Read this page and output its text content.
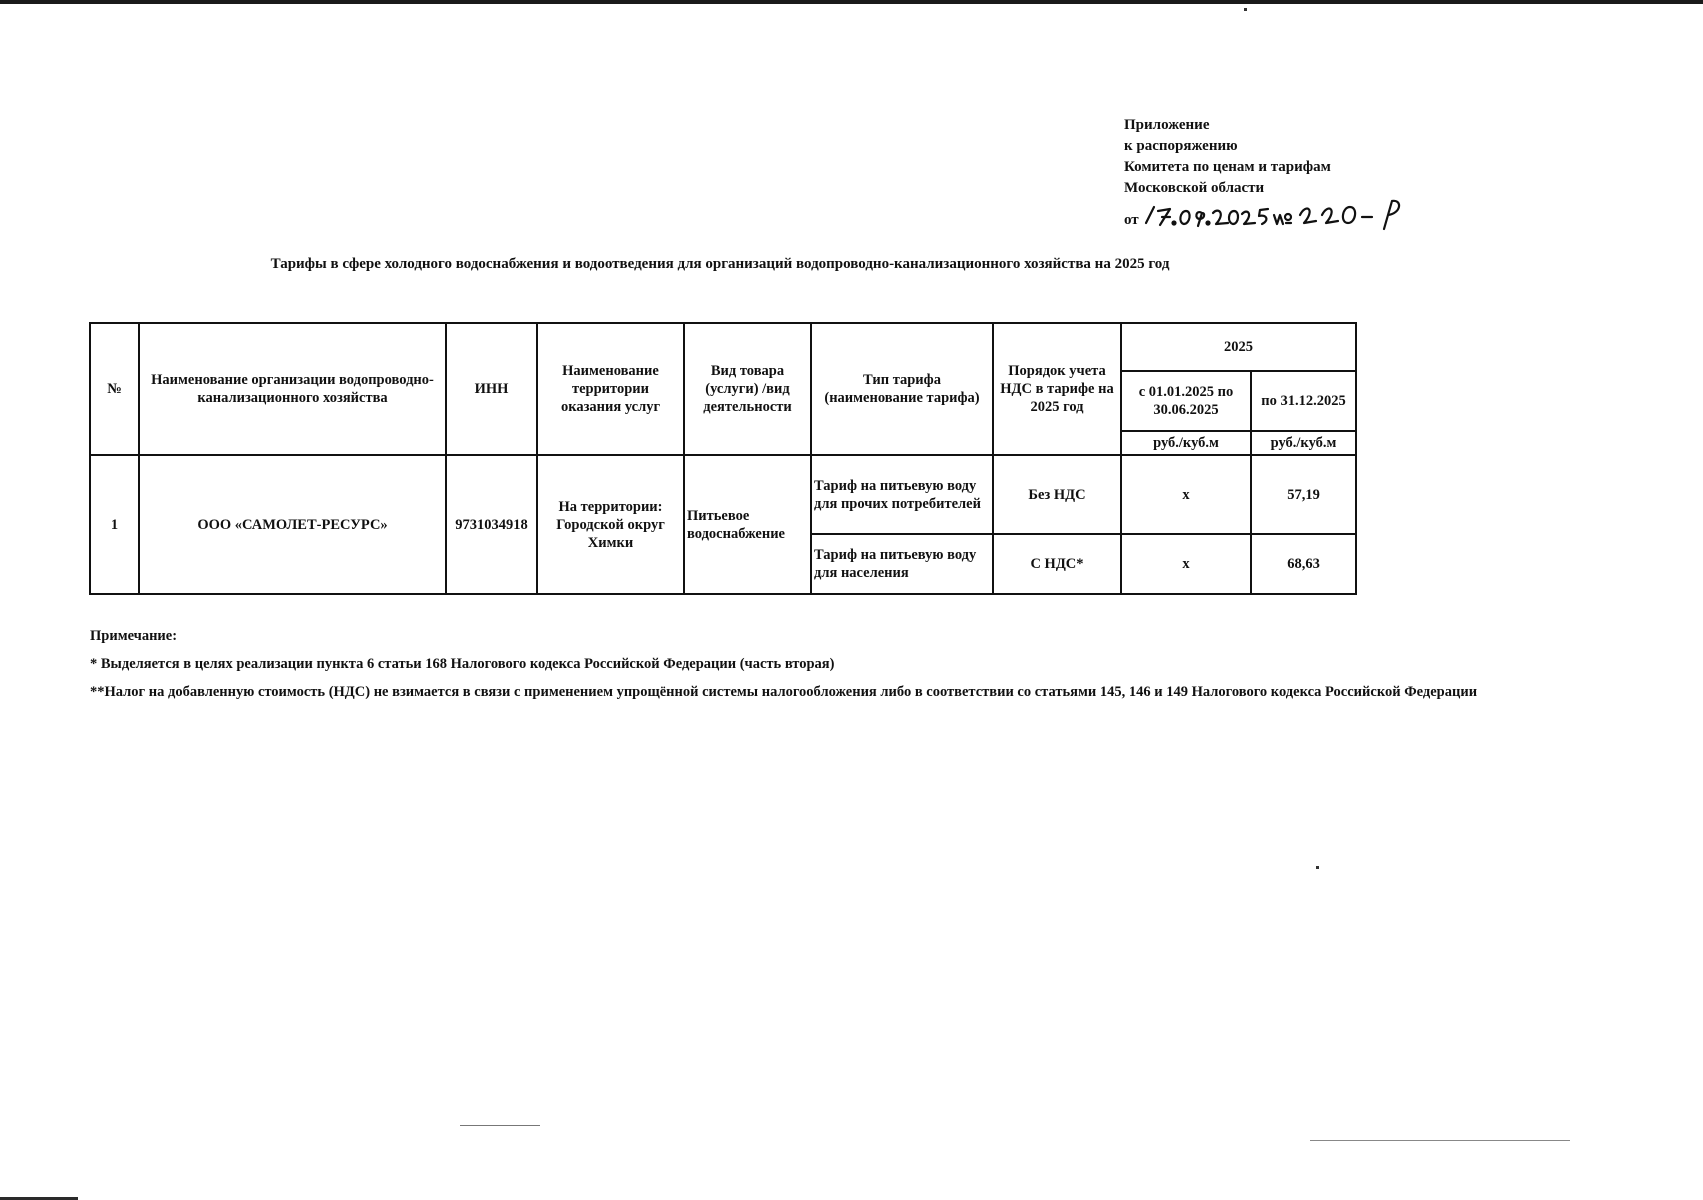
Приложение
к распоряжению
Комитета по ценам и тарифам
Московской области
от
Тарифы в сфере холодного водоснабжения и водоотведения для организаций водопроводно-канализационного хозяйства на 2025 год
№	Наименование организации водопроводно-канализационного хозяйства	ИНН	Наименование территории оказания услуг	Вид товара (услуги) /вид деятельности	Тип тарифа (наименование тарифа)	Порядок учета НДС в тарифе на 2025 год	2025	
							с 01.01.2025 по 30.06.2025	по 31.12.2025
							руб./куб.м	руб./куб.м
1	ООО «САМОЛЕТ-РЕСУРС»	9731034918	На территории: Городской округ Химки	Питьевое водоснабжение	Тариф на питьевую воду для прочих потребителей	Без НДС	х	57,19
					Тариф на питьевую воду для населения	С НДС*	х	68,63
Примечание:
* Выделяется в целях реализации пункта 6 статьи 168 Налогового кодекса Российской Федерации (часть вторая)
**Налог на добавленную стоимость (НДС) не взимается в связи с применением упрощённой системы налогообложения либо в соответствии со статьями 145, 146 и 149 Налогового кодекса Российской Федерации
